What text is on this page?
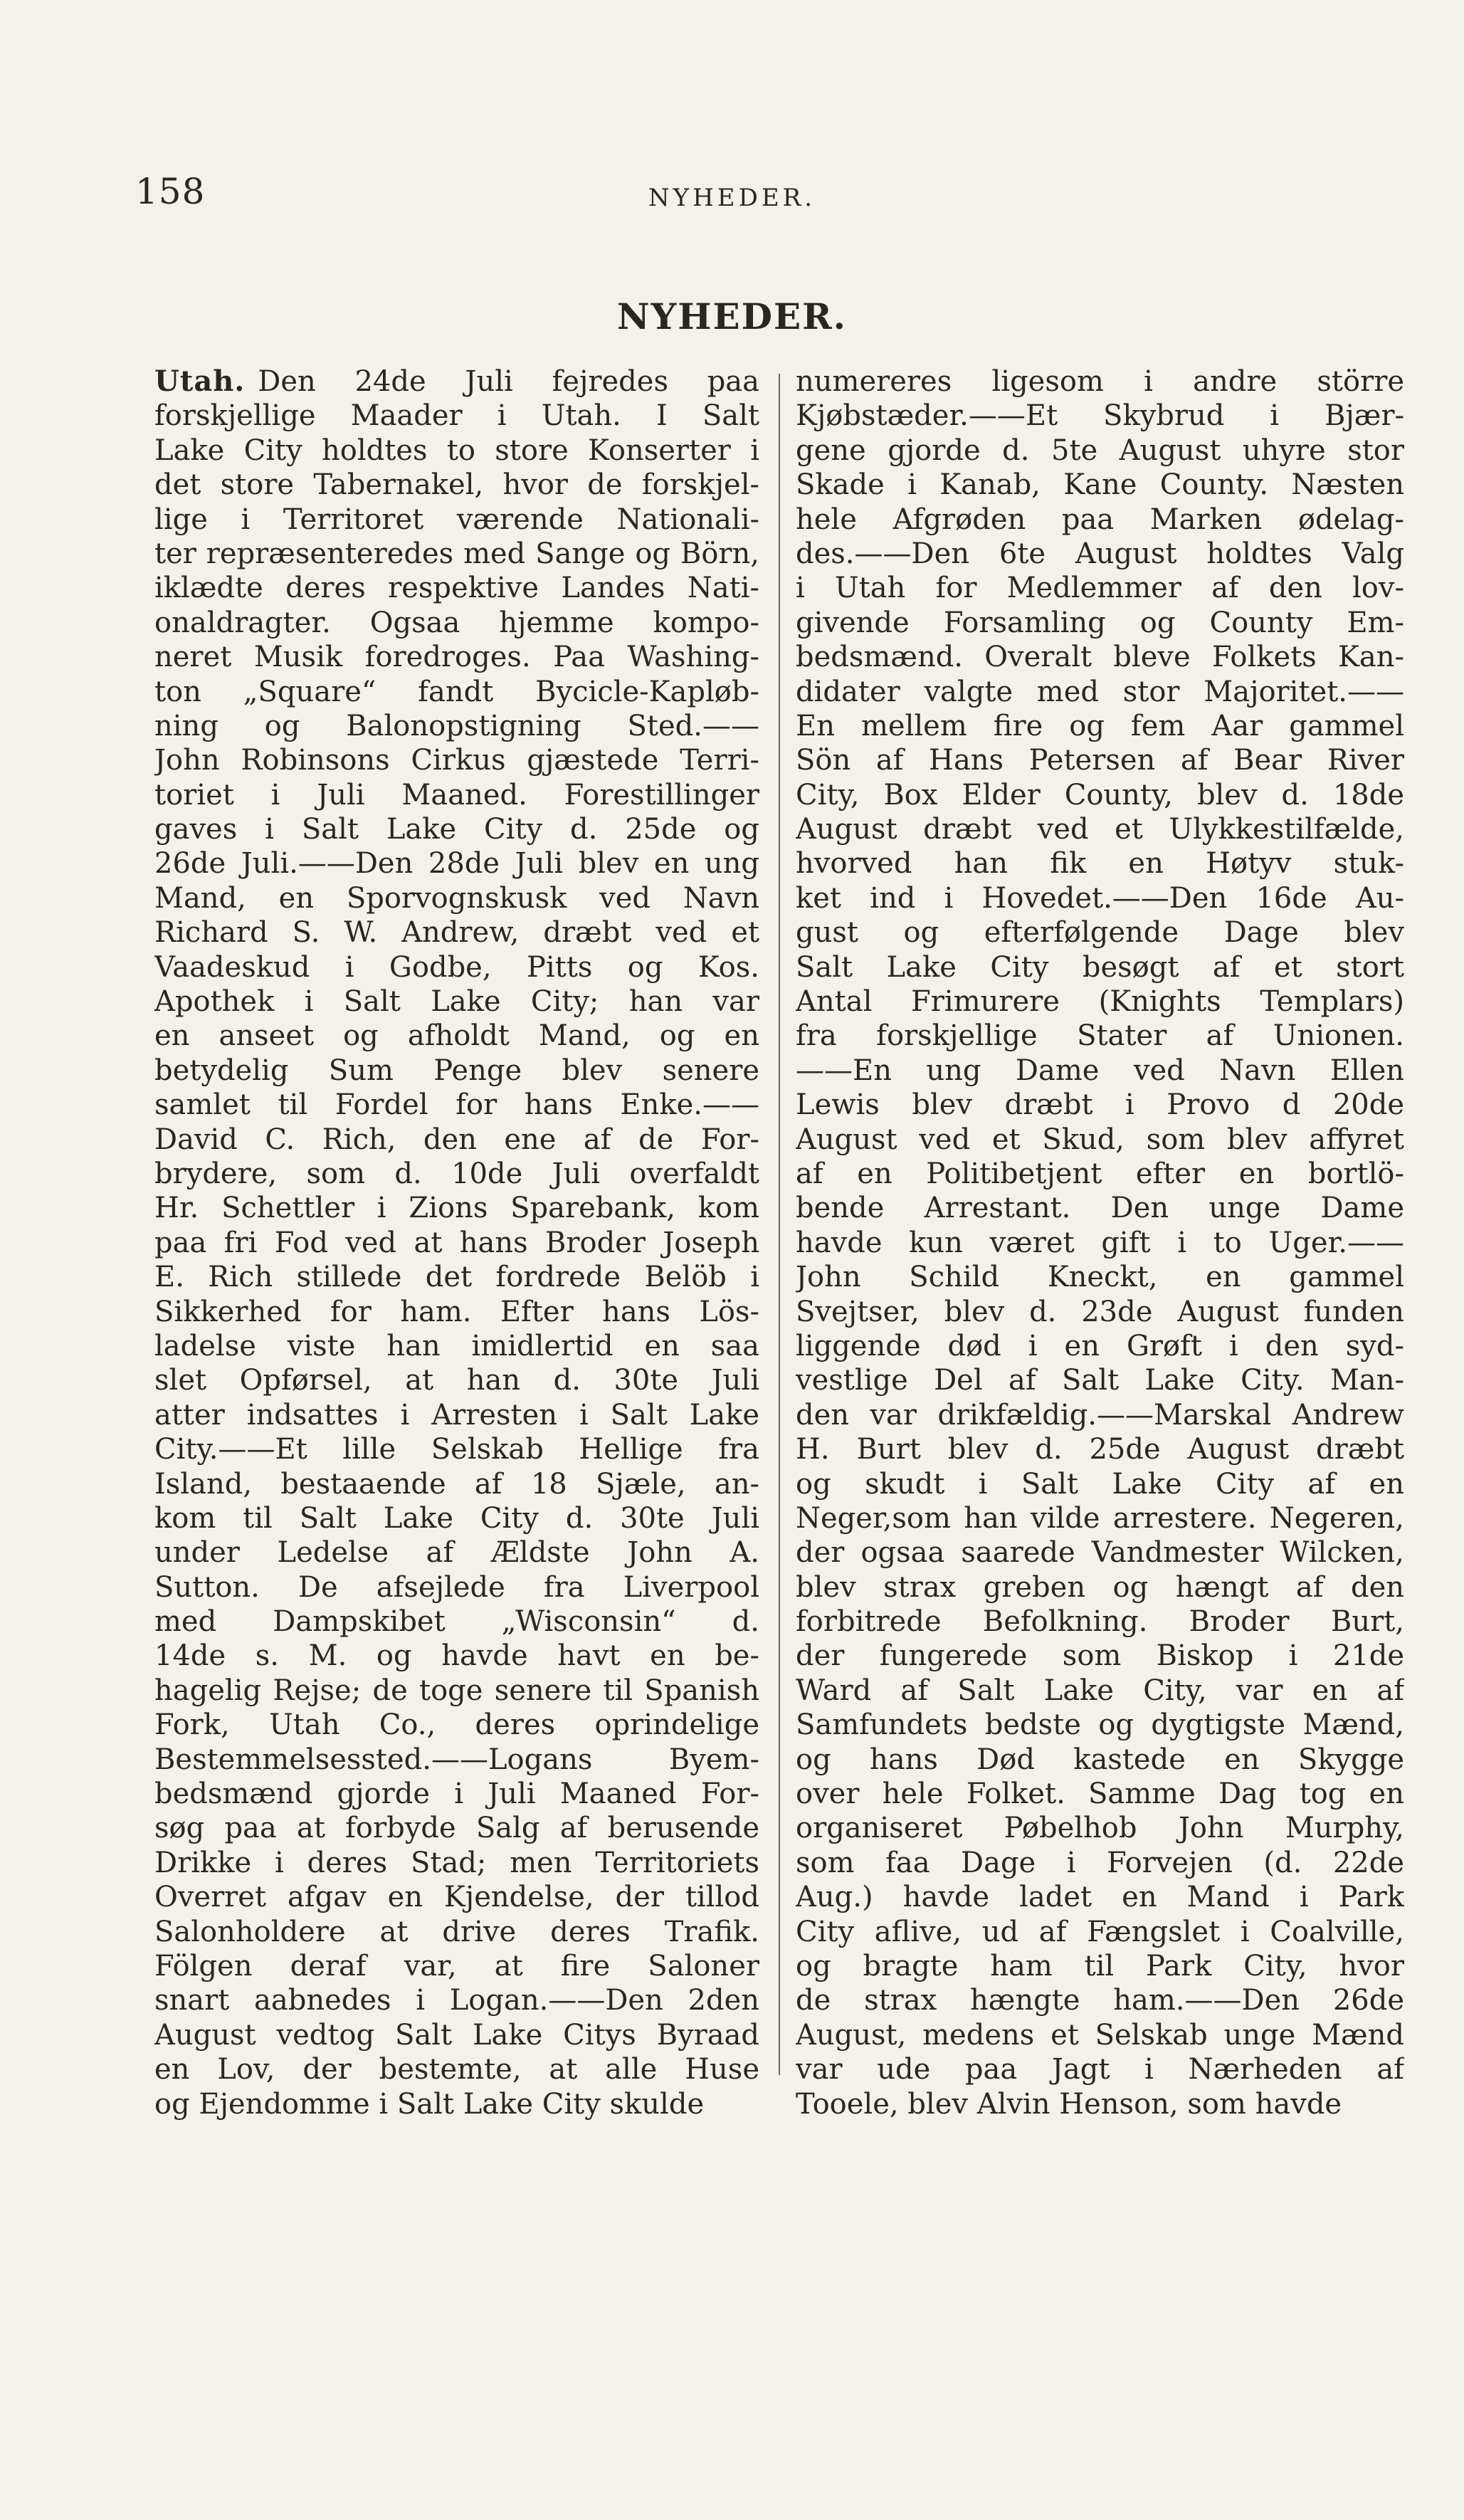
158	NYHEDER.
NYHEDER.
Utah. Den 24de Juli fejredes paa
forskjellige Maader i Utah. I Salt
Lake City holdtes to store Konserter i
det store Tabernakel, hvor de forskjel-
lige i Territoret værende Nationali-
ter repræsenteredes med Sange og Börn,
iklædte deres respektive Landes Nati-
onaldragter. Ogsaa hjemme kompo-
neret Musik foredroges. Paa Washing-
ton „Square“ fandt Bycicle-Kapløb-
ning og Balonopstigning Sted.——
John Robinsons Cirkus gjæstede Terri-
toriet i Juli Maaned. Forestillinger
gaves i Salt Lake City d. 25de og
26de Juli.——Den 28de Juli blev en ung
Mand, en Sporvognskusk ved Navn
Richard S. W. Andrew, dræbt ved et
Vaadeskud i Godbe, Pitts og Kos.
Apothek i Salt Lake City; han var
en anseet og afholdt Mand, og en
betydelig Sum Penge blev senere
samlet til Fordel for hans Enke.——
David C. Rich, den ene af de For-
brydere, som d. 10de Juli overfaldt
Hr. Schettler i Zions Sparebank, kom
paa fri Fod ved at hans Broder Joseph
E. Rich stillede det fordrede Belöb i
Sikkerhed for ham. Efter hans Lös-
ladelse viste han imidlertid en saa
slet Opførsel, at han d. 30te Juli
atter indsattes i Arresten i Salt Lake
City.——Et lille Selskab Hellige fra
Island, bestaaende af 18 Sjæle, an-
kom til Salt Lake City d. 30te Juli
under Ledelse af Ældste John A.
Sutton. De afsejlede fra Liverpool
med Dampskibet „Wisconsin“ d.
14de s. M. og havde havt en be-
hagelig Rejse; de toge senere til Spanish
Fork, Utah Co., deres oprindelige
Bestemmelsessted.——Logans Byem-
bedsmænd gjorde i Juli Maaned For-
søg paa at forbyde Salg af berusende
Drikke i deres Stad; men Territoriets
Overret afgav en Kjendelse, der tillod
Salonholdere at drive deres Trafik.
Fölgen deraf var, at fire Saloner
snart aabnedes i Logan.——Den 2den
August vedtog Salt Lake Citys Byraad
en Lov, der bestemte, at alle Huse
og Ejendomme i Salt Lake City skulde
numereres ligesom i andre större
Kjøbstæder.——Et Skybrud i Bjær-
gene gjorde d. 5te August uhyre stor
Skade i Kanab, Kane County. Næsten
hele Afgrøden paa Marken ødelag-
des.——Den 6te August holdtes Valg
i Utah for Medlemmer af den lov-
givende Forsamling og County Em-
bedsmænd. Overalt bleve Folkets Kan-
didater valgte med stor Majoritet.——
En mellem fire og fem Aar gammel
Sön af Hans Petersen af Bear River
City, Box Elder County, blev d. 18de
August dræbt ved et Ulykkestilfælde,
hvorved han fik en Høtyv stuk-
ket ind i Hovedet.——Den 16de Au-
gust og efterfølgende Dage blev
Salt Lake City besøgt af et stort
Antal Frimurere (Knights Templars)
fra forskjellige Stater af Unionen.
——En ung Dame ved Navn Ellen
Lewis blev dræbt i Provo d 20de
August ved et Skud, som blev affyret
af en Politibetjent efter en bortlö-
bende Arrestant. Den unge Dame
havde kun været gift i to Uger.——
John Schild Kneckt, en gammel
Svejtser, blev d. 23de August funden
liggende død i en Grøft i den syd-
vestlige Del af Salt Lake City. Man-
den var drikfældig.——Marskal Andrew
H. Burt blev d. 25de August dræbt
og skudt i Salt Lake City af en
Neger,som han vilde arrestere. Negeren,
der ogsaa saarede Vandmester Wilcken,
blev strax greben og hængt af den
forbitrede Befolkning. Broder Burt,
der fungerede som Biskop i 21de
Ward af Salt Lake City, var en af
Samfundets bedste og dygtigste Mænd,
og hans Død kastede en Skygge
over hele Folket. Samme Dag tog en
organiseret Pøbelhob John Murphy,
som faa Dage i Forvejen (d. 22de
Aug.) havde ladet en Mand i Park
City aflive, ud af Fængslet i Coalville,
og bragte ham til Park City, hvor
de strax hængte ham.——Den 26de
August, medens et Selskab unge Mænd
var ude paa Jagt i Nærheden af
Tooele, blev Alvin Henson, som havde
